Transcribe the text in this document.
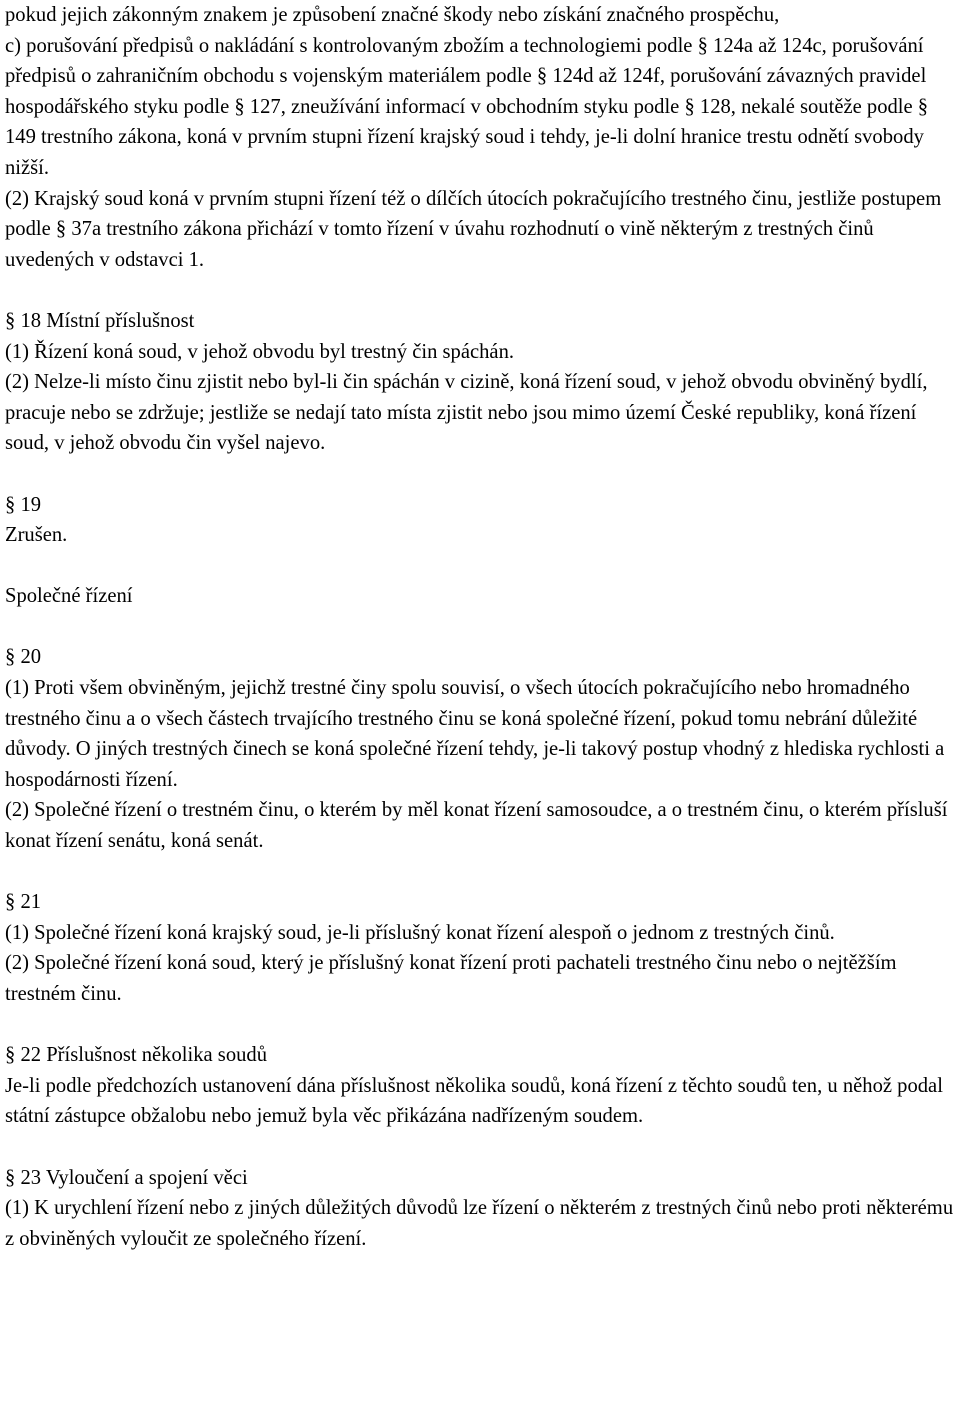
pokud jejich zákonným znakem je způsobení značné škody nebo získání značného prospěchu,

c) porušování předpisů o nakládání s kontrolovaným zbožím a technologiemi podle § 124a až 124c, porušování předpisů o zahraničním obchodu s vojenským materiálem podle § 124d až 124f, porušování závazných pravidel hospodářského styku podle § 127, zneužívání informací v obchodním styku podle § 128, nekalé soutěže podle § 149 trestního zákona, koná v prvním stupni řízení krajský soud i tehdy, je-li dolní hranice trestu odnětí svobody nižší.

(2) Krajský soud koná v prvním stupni řízení též o dílčích útocích pokračujícího trestného činu, jestliže postupem podle § 37a trestního zákona přichází v tomto řízení v úvahu rozhodnutí o vině některým z trestných činů uvedených v odstavci 1.

§ 18 Místní příslušnost

(1) Řízení koná soud, v jehož obvodu byl trestný čin spáchán.

(2) Nelze-li místo činu zjistit nebo byl-li čin spáchán v cizině, koná řízení soud, v jehož obvodu obviněný bydlí, pracuje nebo se zdržuje; jestliže se nedají tato místa zjistit nebo jsou mimo území České republiky, koná řízení soud, v jehož obvodu čin vyšel najevo.

§ 19

Zrušen.

Společné řízení

§ 20

(1) Proti všem obviněným, jejichž trestné činy spolu souvisí, o všech útocích pokračujícího nebo hromadného trestného činu a o všech částech trvajícího trestného činu se koná společné řízení, pokud tomu nebrání důležité důvody. O jiných trestných činech se koná společné řízení tehdy, je-li takový postup vhodný z hlediska rychlosti a hospodárnosti řízení.

(2) Společné řízení o trestném činu, o kterém by měl konat řízení samosoudce, a o trestném činu, o kterém přísluší konat řízení senátu, koná senát.

§ 21

(1) Společné řízení koná krajský soud, je-li příslušný konat řízení alespoň o jednom z trestných činů.

(2) Společné řízení koná soud, který je příslušný konat řízení proti pachateli trestného činu nebo o nejtěžším trestném činu.

§ 22 Příslušnost několika soudů

Je-li podle předchozích ustanovení dána příslušnost několika soudů, koná řízení z těchto soudů ten, u něhož podal státní zástupce obžalobu nebo jemuž byla věc přikázána nadřízeným soudem.

§ 23 Vyloučení a spojení věci

(1) K urychlení řízení nebo z jiných důležitých důvodů lze řízení o některém z trestných činů nebo proti některému z obviněných vyloučit ze společného řízení.
